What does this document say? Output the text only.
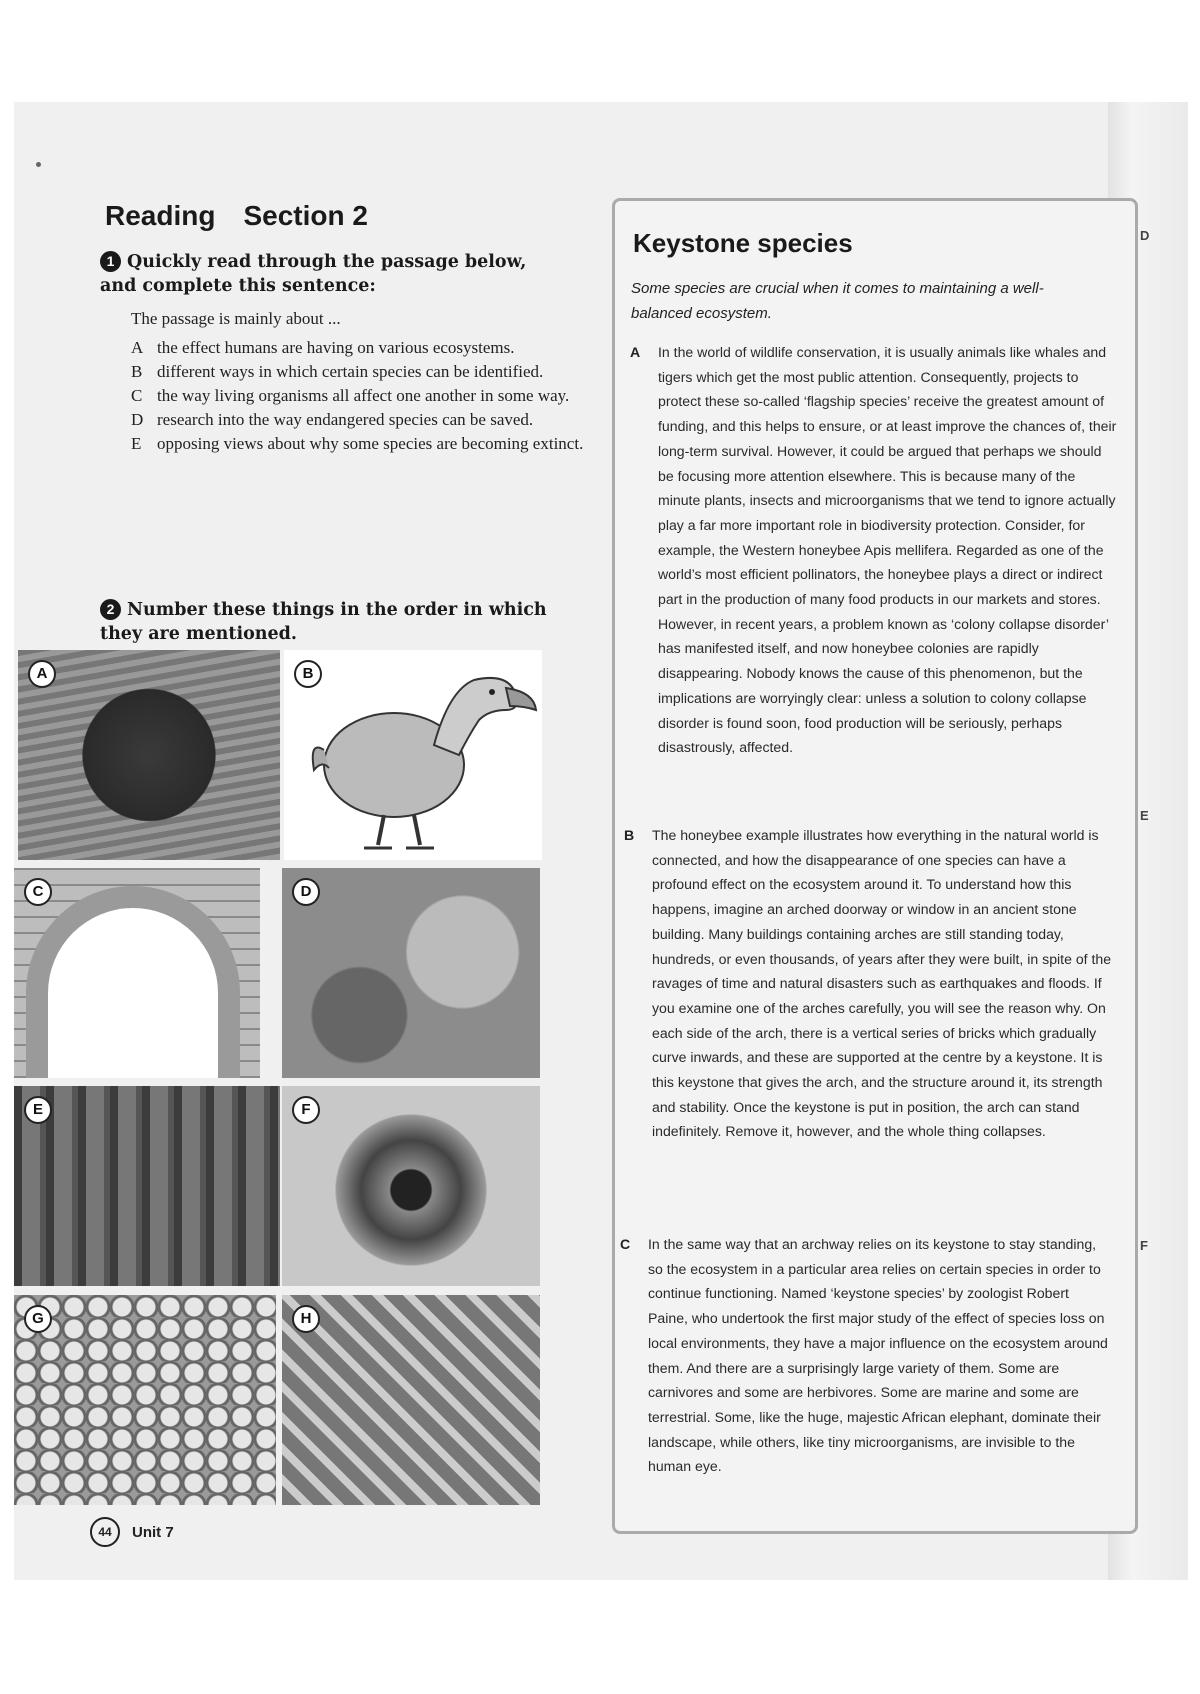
Reading Section 2
1 Quickly read through the passage below, and complete this sentence:
The passage is mainly about ...
A the effect humans are having on various ecosystems.
B different ways in which certain species can be identified.
C the way living organisms all affect one another in some way.
D research into the way endangered species can be saved.
E opposing views about why some species are becoming extinct.
2 Number these things in the order in which they are mentioned.
A	B
C	D
E	F
G	H
44	Unit 7
Keystone species
Some species are crucial when it comes to maintaining a well-balanced ecosystem.
A	In the world of wildlife conservation, it is usually animals like whales and tigers which get the most public attention. Consequently, projects to protect these so-called ‘flagship species’ receive the greatest amount of funding, and this helps to ensure, or at least improve the chances of, their long-term survival. However, it could be argued that perhaps we should be focusing more attention elsewhere. This is because many of the minute plants, insects and microorganisms that we tend to ignore actually play a far more important role in biodiversity protection. Consider, for example, the Western honeybee Apis mellifera. Regarded as one of the world’s most efficient pollinators, the honeybee plays a direct or indirect part in the production of many food products in our markets and stores. However, in recent years, a problem known as ‘colony collapse disorder’ has manifested itself, and now honeybee colonies are rapidly disappearing. Nobody knows the cause of this phenomenon, but the implications are worryingly clear: unless a solution to colony collapse disorder is found soon, food production will be seriously, perhaps disastrously, affected.
B	The honeybee example illustrates how everything in the natural world is connected, and how the disappearance of one species can have a profound effect on the ecosystem around it. To understand how this happens, imagine an arched doorway or window in an ancient stone building. Many buildings containing arches are still standing today, hundreds, or even thousands, of years after they were built, in spite of the ravages of time and natural disasters such as earthquakes and floods. If you examine one of the arches carefully, you will see the reason why. On each side of the arch, there is a vertical series of bricks which gradually curve inwards, and these are supported at the centre by a keystone. It is this keystone that gives the arch, and the structure around it, its strength and stability. Once the keystone is put in position, the arch can stand indefinitely. Remove it, however, and the whole thing collapses.
C	In the same way that an archway relies on its keystone to stay standing, so the ecosystem in a particular area relies on certain species in order to continue functioning. Named ‘keystone species’ by zoologist Robert Paine, who undertook the first major study of the effect of species loss on local environments, they have a major influence on the ecosystem around them. And there are a surprisingly large variety of them. Some are carnivores and some are herbivores. Some are marine and some are terrestrial. Some, like the huge, majestic African elephant, dominate their landscape, while others, like tiny microorganisms, are invisible to the human eye.
D
E
F
